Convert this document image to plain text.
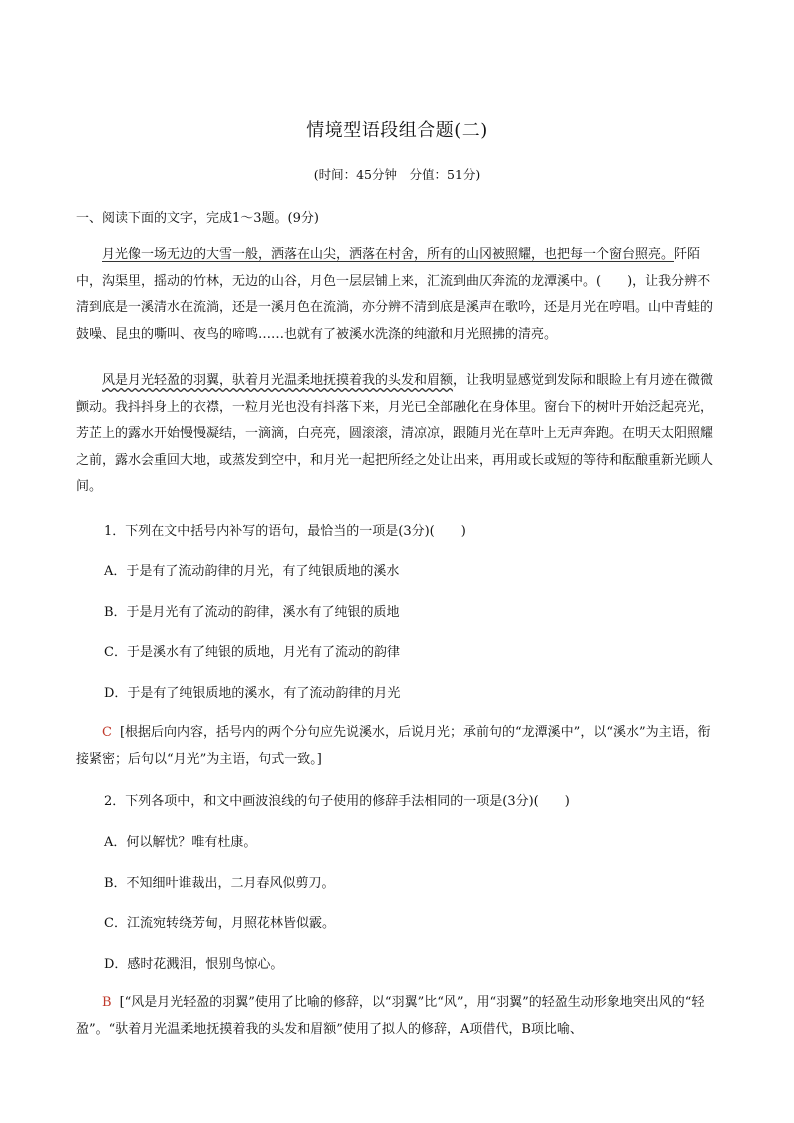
情境型语段组合题(二)
(时间：45分钟　分值：51分)
一、阅读下面的文字，完成1～3题。(9分)

月光像一场无边的大雪一般，洒落在山尖，洒落在村舍，所有的山冈被照耀，也把每一个窗台照亮。阡陌中，沟渠里，摇动的竹林，无边的山谷，月色一层层铺上来，汇流到曲仄奔流的龙潭溪中。(　　)，让我分辨不清到底是一溪清水在流淌，还是一溪月色在流淌，亦分辨不清到底是溪声在歌吟，还是月光在哼唱。山中青蛙的鼓噪、昆虫的嘶叫、夜鸟的啼鸣……也就有了被溪水洗涤的纯澈和月光照拂的清亮。

风是月光轻盈的羽翼，驮着月光温柔地抚摸着我的头发和眉额，让我明显感觉到发际和眼睑上有月迹在微微颤动。我抖抖身上的衣襟，一粒月光也没有抖落下来，月光已全部融化在身体里。窗台下的树叶开始泛起亮光，芳芷上的露水开始慢慢凝结，一滴滴，白亮亮，圆滚滚，清凉凉，跟随月光在草叶上无声奔跑。在明天太阳照耀之前，露水会重回大地，或蒸发到空中，和月光一起把所经之处让出来，再用或长或短的等待和酝酿重新光顾人间。

1．下列在文中括号内补写的语句，最恰当的一项是(3分)(　　)
A．于是有了流动韵律的月光，有了纯银质地的溪水
B．于是月光有了流动的韵律，溪水有了纯银的质地
C．于是溪水有了纯银的质地，月光有了流动的韵律
D．于是有了纯银质地的溪水，有了流动韵律的月光

C [根据后向内容，括号内的两个分句应先说溪水，后说月光；承前句的“龙潭溪中”，以“溪水”为主语，衔接紧密；后句以“月光”为主语，句式一致。]

2．下列各项中，和文中画波浪线的句子使用的修辞手法相同的一项是(3分)(　　)
A．何以解忧？唯有杜康。
B．不知细叶谁裁出，二月春风似剪刀。
C．江流宛转绕芳甸，月照花林皆似霰。
D．感时花溅泪，恨别鸟惊心。

B [“风是月光轻盈的羽翼”使用了比喻的修辞，以“羽翼”比“风”，用“羽翼”的轻盈生动形象地突出风的“轻盈”。“驮着月光温柔地抚摸着我的头发和眉额”使用了拟人的修辞，A项借代，B项比喻、
